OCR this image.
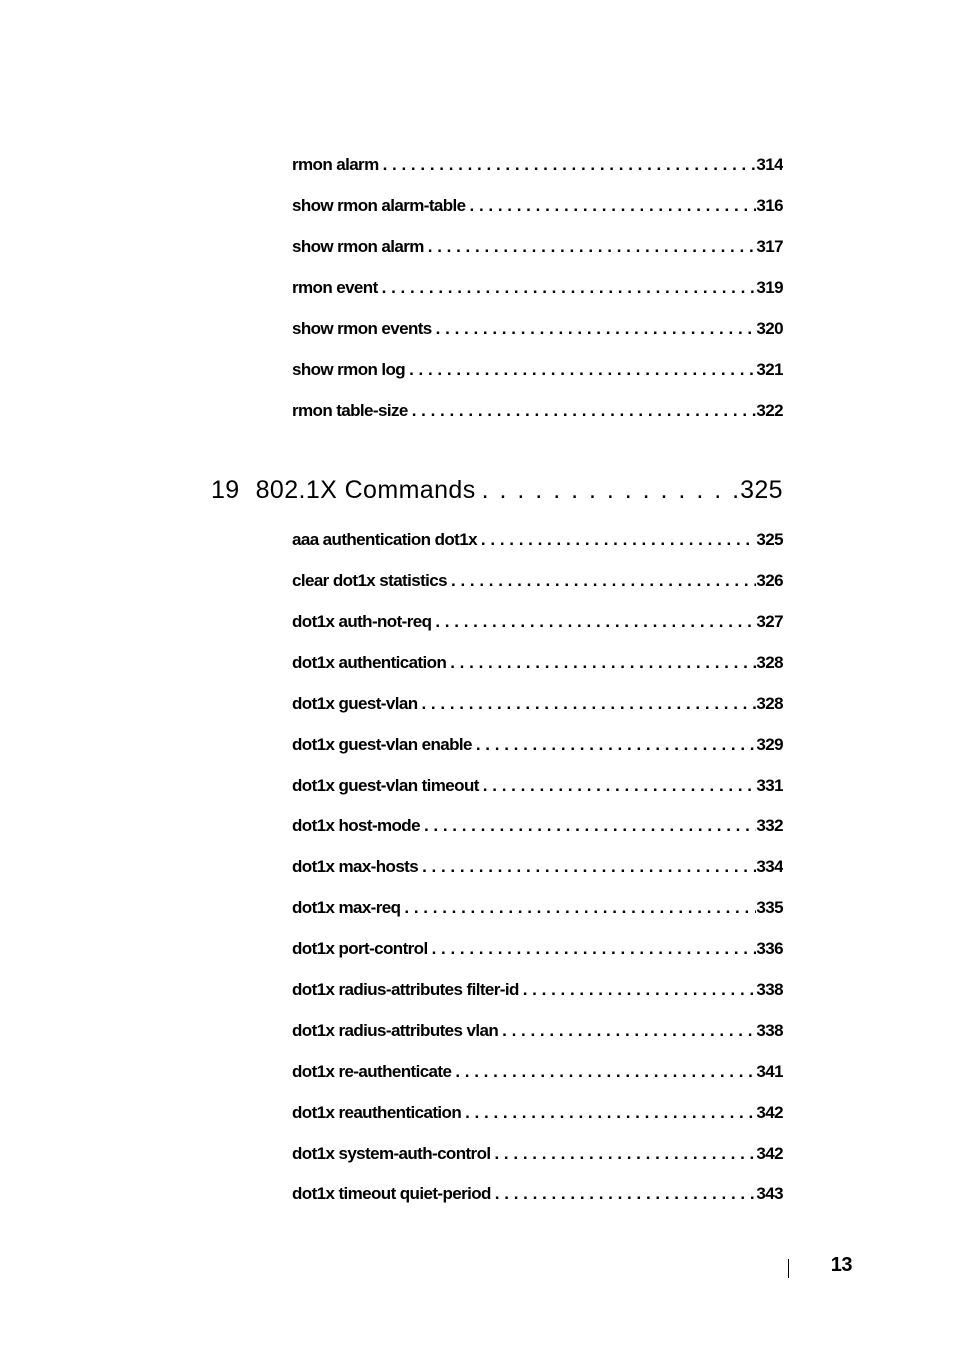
rmon alarm . . .	314
show rmon alarm-table . . .	316
show rmon alarm . . .	317
rmon event . . .	319
show rmon events . . .	320
show rmon log . . .	321
rmon table-size . . .	322
19 802.1X Commands . . .	325
aaa authentication dot1x . . .	325
clear dot1x statistics . . .	326
dot1x auth-not-req . . .	327
dot1x authentication . . .	328
dot1x guest-vlan . . .	328
dot1x guest-vlan enable . . .	329
dot1x guest-vlan timeout . . .	331
dot1x host-mode . . .	332
dot1x max-hosts . . .	334
dot1x max-req . . .	335
dot1x port-control . . .	336
dot1x radius-attributes filter-id . . .	338
dot1x radius-attributes vlan . . .	338
dot1x re-authenticate . . .	341
dot1x reauthentication . . .	342
dot1x system-auth-control . . .	342
dot1x timeout quiet-period . . .	343
13
